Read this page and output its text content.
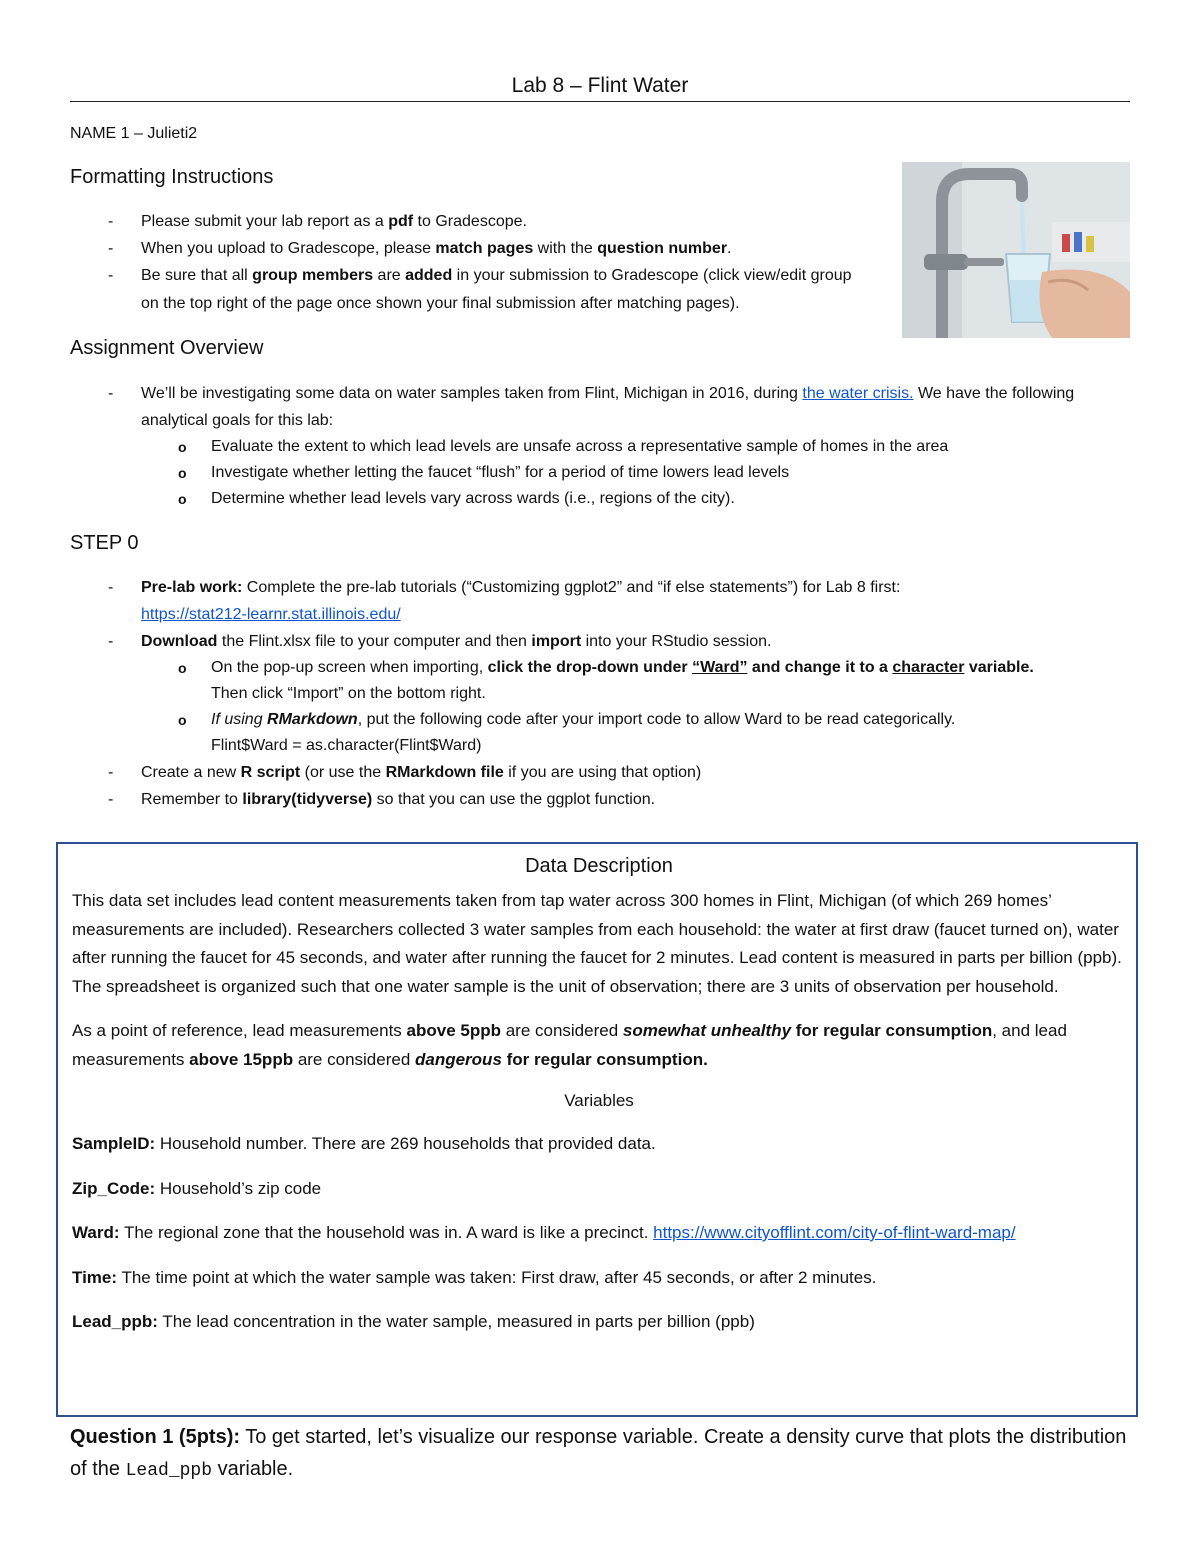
Lab 8 – Flint Water
NAME 1 – Julieti2
Formatting Instructions
- Please submit your lab report as a pdf to Gradescope.
- When you upload to Gradescope, please match pages with the question number.
- Be sure that all group members are added in your submission to Gradescope (click view/edit group on the top right of the page once shown your final submission after matching pages).
Assignment Overview
- We’ll be investigating some data on water samples taken from Flint, Michigan in 2016, during the water crisis. We have the following analytical goals for this lab:
o Evaluate the extent to which lead levels are unsafe across a representative sample of homes in the area
o Investigate whether letting the faucet “flush” for a period of time lowers lead levels
o Determine whether lead levels vary across wards (i.e., regions of the city).
STEP 0
- Pre-lab work: Complete the pre-lab tutorials (“Customizing ggplot2” and “if else statements”) for Lab 8 first:
https://stat212-learnr.stat.illinois.edu/
- Download the Flint.xlsx file to your computer and then import into your RStudio session.
o On the pop-up screen when importing, click the drop-down under “Ward” and change it to a character variable.
Then click “Import” on the bottom right.
o If using RMarkdown, put the following code after your import code to allow Ward to be read categorically.
Flint$Ward = as.character(Flint$Ward)
- Create a new R script (or use the RMarkdown file if you are using that option)
- Remember to library(tidyverse) so that you can use the ggplot function.
Data Description

This data set includes lead content measurements taken from tap water across 300 homes in Flint, Michigan (of which 269 homes’ measurements are included). Researchers collected 3 water samples from each household: the water at first draw (faucet turned on), water after running the faucet for 45 seconds, and water after running the faucet for 2 minutes. Lead content is measured in parts per billion (ppb). The spreadsheet is organized such that one water sample is the unit of observation; there are 3 units of observation per household.

As a point of reference, lead measurements above 5ppb are considered somewhat unhealthy for regular consumption, and lead measurements above 15ppb are considered dangerous for regular consumption.

Variables

SampleID: Household number. There are 269 households that provided data.

Zip_Code: Household’s zip code

Ward: The regional zone that the household was in. A ward is like a precinct. https://www.cityofflint.com/city-of-flint-ward-map/

Time: The time point at which the water sample was taken: First draw, after 45 seconds, or after 2 minutes.

Lead_ppb: The lead concentration in the water sample, measured in parts per billion (ppb)

Question 1 (5pts): To get started, let’s visualize our response variable. Create a density curve that plots the distribution of the Lead_ppb variable.
